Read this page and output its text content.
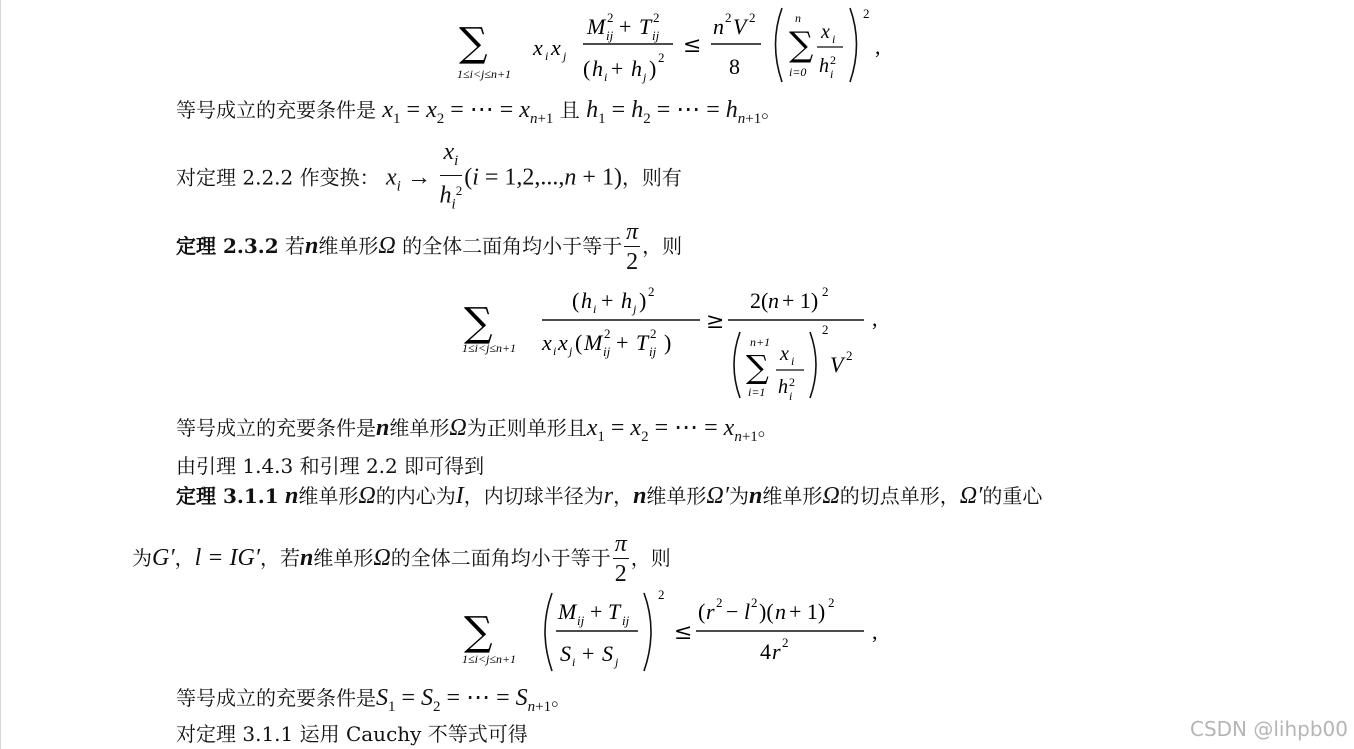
∑
1≤i<j≤n+1
x i x j
M 2
ij + T 2
ij
( h i + h j ) 2 ≤
n 2 V 2
8
∑
n
i=0
x i
h 2
i
2
,
等号成立的充要条件是 $x_1 = x_2$ = ⋯ = $x_{n+1}$ 且 $h_1 = h_2$ = ⋯ = $h_{n+1}$。
对定理 2.2.2 作变换： $x_i \to \frac{x_i}{h_i^2} (i = 1,2,...,n + 1)$，则有
定理 2.3.2 若n维单形Ω 的全体二面角均小于等于 $\frac{\pi}{2}$ ，则
∑
1≤i<j≤n+1
( h i + h j ) 2
x i x j ( M 2
ij + T 2
ij )
≥
2( n + 1) 2
∑
n+1
i=1
x i
h 2
i
2
V 2
,
等号成立的充要条件是n维单形Ω为正则单形且$x_1 = x_2$ = ⋯ = $x_{n+1}$。
由引理 1.4.3 和引理 2.2 即可得到
定理 3.1.1 n维单形Ω的内心为I，内切球半径为r，n维单形Ω′为n维单形Ω的切点单形，Ω′的重心
为G′，l = IG′，若n维单形Ω的全体二面角均小于等于 $\frac{\pi}{2}$ ，则
∑
1≤i<j≤n+1
M ij + T ij
S i + S j
2
≤
( r 2 − l 2 )( n + 1) 2
4 r 2	,
等号成立的充要条件是$S_1 = S_2$ = ⋯ = $S_{n+1}$。
对定理 3.1.1 运用 Cauchy 不等式可得	CSDN @lihpb00
